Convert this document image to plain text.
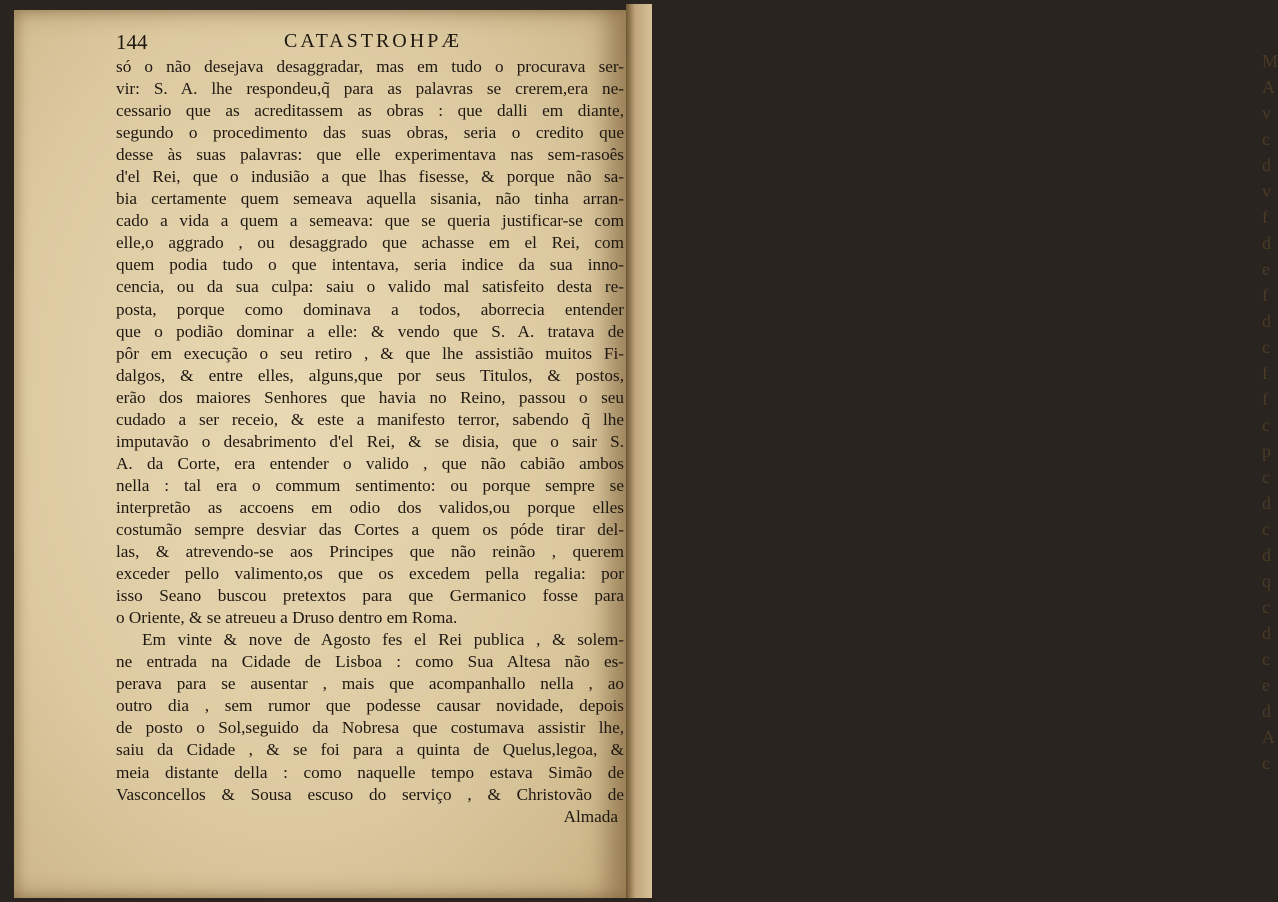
M
A
v
c
d
v
f
d
e
f
d
c
f
f
c
p
c
d
c
d
q
c
d
c
e
d
A
c
144	CATASTROHPÆ
só o não desejava desaggradar, mas em tudo o procurava ser-
vir: S. A. lhe respondeu,q̃ para as palavras se crerem,era ne-
cessario que as acreditassem as obras : que dalli em diante,
segundo o procedimento das suas obras, seria o credito que
desse às suas palavras: que elle experimentava nas sem-rasoês
d'el Rei, que o indusião a que lhas fisesse, & porque não sa-
bia certamente quem semeava aquella sisania, não tinha arran-
cado a vida a quem a semeava: que se queria justificar-se com
elle,o aggrado , ou desaggrado que achasse em el Rei, com
quem podia tudo o que intentava, seria indice da sua inno-
cencia, ou da sua culpa: saiu o valido mal satisfeito desta re-
posta, porque como dominava a todos, aborrecia entender
que o podião dominar a elle: & vendo que S. A. tratava de
pôr em execução o seu retiro , & que lhe assistião muitos Fi-
dalgos, & entre elles, alguns,que por seus Titulos, & postos,
erão dos maiores Senhores que havia no Reino, passou o seu
cudado a ser receio, & este a manifesto terror, sabendo q̃ lhe
imputavão o desabrimento d'el Rei, & se disia, que o sair S.
A. da Corte, era entender o valido , que não cabião ambos
nella : tal era o commum sentimento: ou porque sempre se
interpretão as accoens em odio dos validos,ou porque elles
costumão sempre desviar das Cortes a quem os póde tirar del-
las, & atrevendo-se aos Principes que não reinão , querem
exceder pello valimento,os que os excedem pella regalia: por
isso Seano buscou pretextos para que Germanico fosse para
o Oriente, & se atreueu a Druso dentro em Roma.
Em vinte & nove de Agosto fes el Rei publica , & solem-
ne entrada na Cidade de Lisboa : como Sua Altesa não es-
perava para se ausentar , mais que acompanhallo nella , ao
outro dia , sem rumor que podesse causar novidade, depois
de posto o Sol,seguido da Nobresa que costumava assistir lhe,
saiu da Cidade , & se foi para a quinta de Quelus,legoa, &
meia distante della : como naquelle tempo estava Simão de
Vasconcellos & Sousa escuso do serviço , & Christovão de
Almada
